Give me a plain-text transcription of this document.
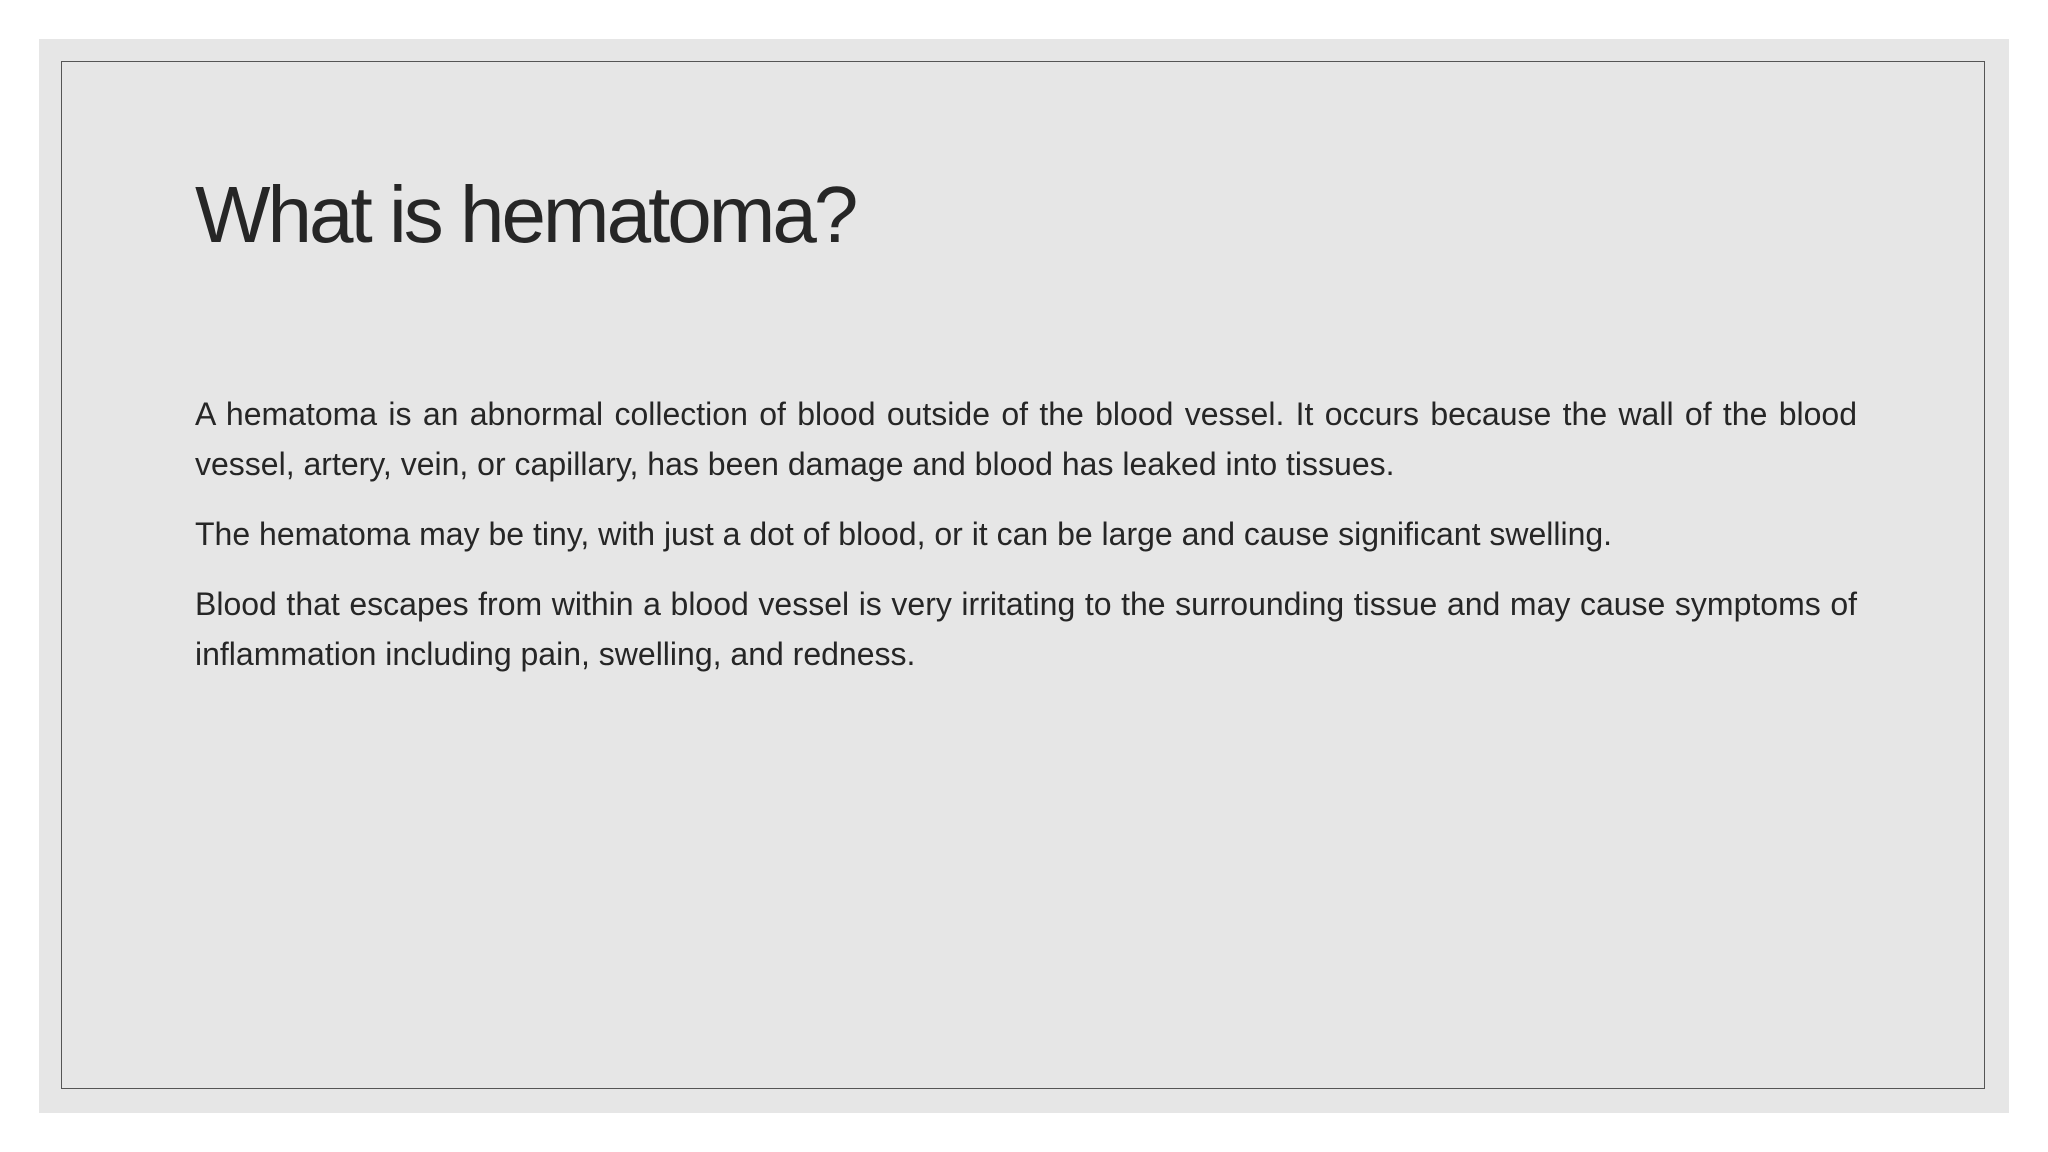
What is hematoma?

A hematoma is an abnormal collection of blood outside of the blood vessel. It occurs because the wall of the blood vessel, artery, vein, or capillary, has been damage and blood has leaked into tissues.

The hematoma may be tiny, with just a dot of blood, or it can be large and cause significant swelling.

Blood that escapes from within a blood vessel is very irritating to the surrounding tissue and may cause symptoms of inflammation including pain, swelling, and redness.
